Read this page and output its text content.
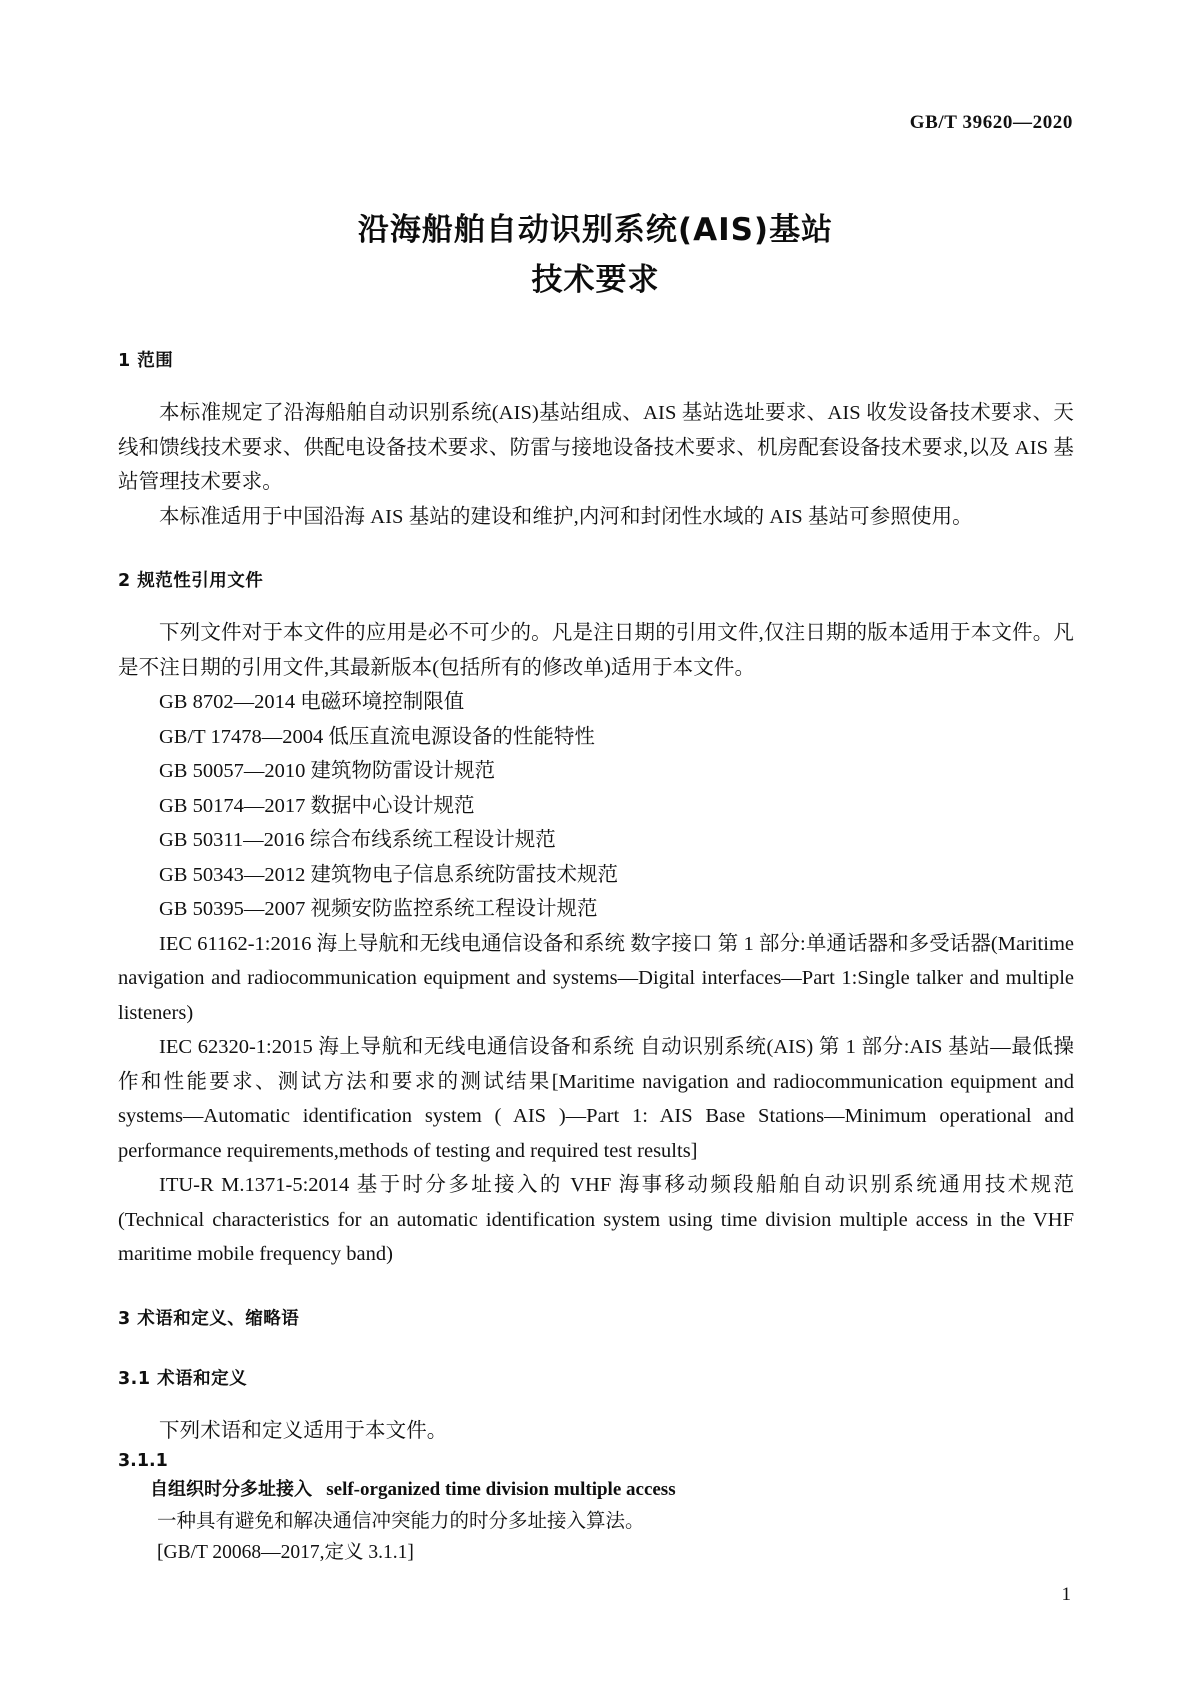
GB/T 39620—2020
沿海船舶自动识别系统(AIS)基站
技术要求
1 范围

本标准规定了沿海船舶自动识别系统(AIS)基站组成、AIS 基站选址要求、AIS 收发设备技术要求、天线和馈线技术要求、供配电设备技术要求、防雷与接地设备技术要求、机房配套设备技术要求,以及 AIS 基站管理技术要求。

本标准适用于中国沿海 AIS 基站的建设和维护,内河和封闭性水域的 AIS 基站可参照使用。

2 规范性引用文件

下列文件对于本文件的应用是必不可少的。凡是注日期的引用文件,仅注日期的版本适用于本文件。凡是不注日期的引用文件,其最新版本(包括所有的修改单)适用于本文件。

GB 8702—2014 电磁环境控制限值

GB/T 17478—2004 低压直流电源设备的性能特性

GB 50057—2010 建筑物防雷设计规范

GB 50174—2017 数据中心设计规范

GB 50311—2016 综合布线系统工程设计规范

GB 50343—2012 建筑物电子信息系统防雷技术规范

GB 50395—2007 视频安防监控系统工程设计规范

IEC 61162-1:2016 海上导航和无线电通信设备和系统 数字接口 第 1 部分:单通话器和多受话器(Maritime navigation and radiocommunication equipment and systems—Digital interfaces—Part 1:Single talker and multiple listeners)

IEC 62320-1:2015 海上导航和无线电通信设备和系统 自动识别系统(AIS) 第 1 部分:AIS 基站—最低操作和性能要求、测试方法和要求的测试结果[Maritime navigation and radiocommunication equipment and systems—Automatic identification system ( AIS )—Part 1: AIS Base Stations—Minimum operational and performance requirements,methods of testing and required test results]

ITU-R M.1371-5:2014 基于时分多址接入的 VHF 海事移动频段船舶自动识别系统通用技术规范(Technical characteristics for an automatic identification system using time division multiple access in the VHF maritime mobile frequency band)

3 术语和定义、缩略语
3.1 术语和定义

下列术语和定义适用于本文件。

3.1.1

自组织时分多址接入 self-organized time division multiple access

一种具有避免和解决通信冲突能力的时分多址接入算法。

[GB/T 20068—2017,定义 3.1.1]

1
